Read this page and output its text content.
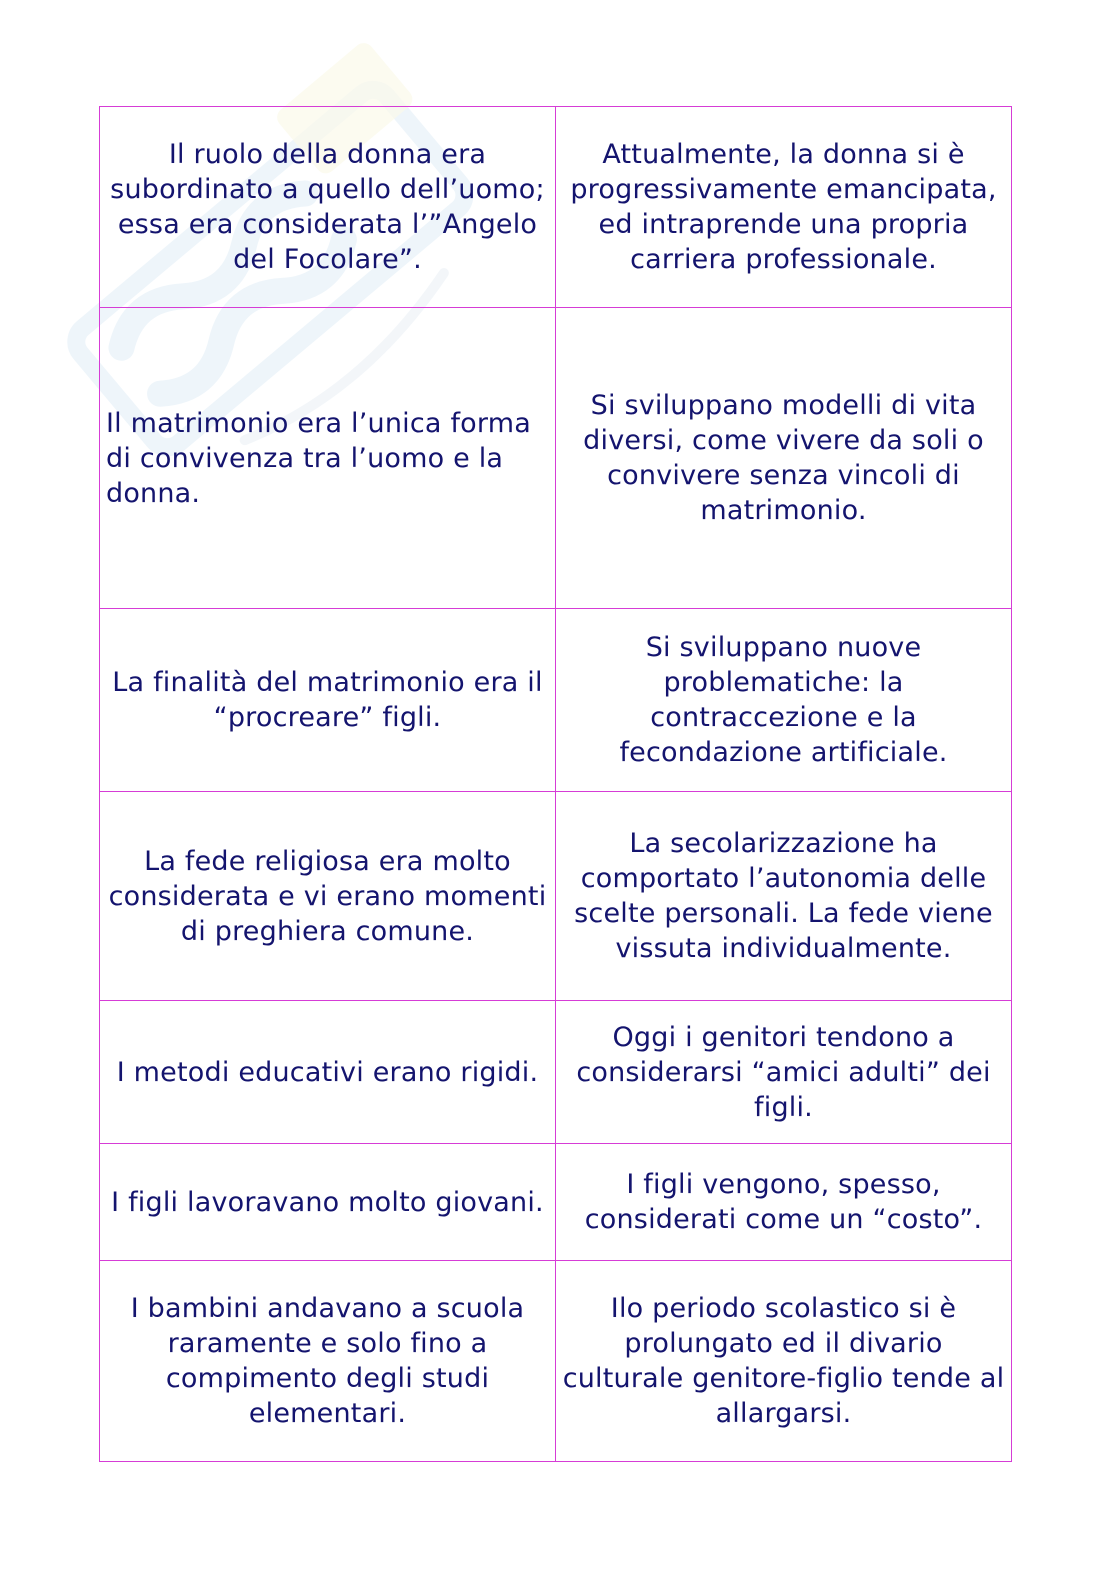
Il ruolo della donna era subordinato a quello dell’uomo; essa era considerata l’”Angelo del Focolare”.	Attualmente, la donna si è progressivamente emancipata, ed intraprende una propria carriera professionale.
Il matrimonio era l’unica forma di convivenza tra l’uomo e la donna.	Si sviluppano modelli di vita diversi, come vivere da soli o convivere senza vincoli di matrimonio.
La finalità del matrimonio era il “procreare” figli.	Si sviluppano nuove problematiche: la contraccezione e la fecondazione artificiale.
La fede religiosa era molto considerata e vi erano momenti di preghiera comune.	La secolarizzazione ha comportato l’autonomia delle scelte personali. La fede viene vissuta individualmente.
I metodi educativi erano rigidi.	Oggi i genitori tendono a considerarsi “amici adulti” dei figli.
I figli lavoravano molto giovani.	I figli vengono, spesso, considerati come un “costo”.
I bambini andavano a scuola raramente e solo fino a compimento degli studi elementari.	Ilo periodo scolastico si è prolungato ed il divario culturale genitore-figlio tende al allargarsi.
